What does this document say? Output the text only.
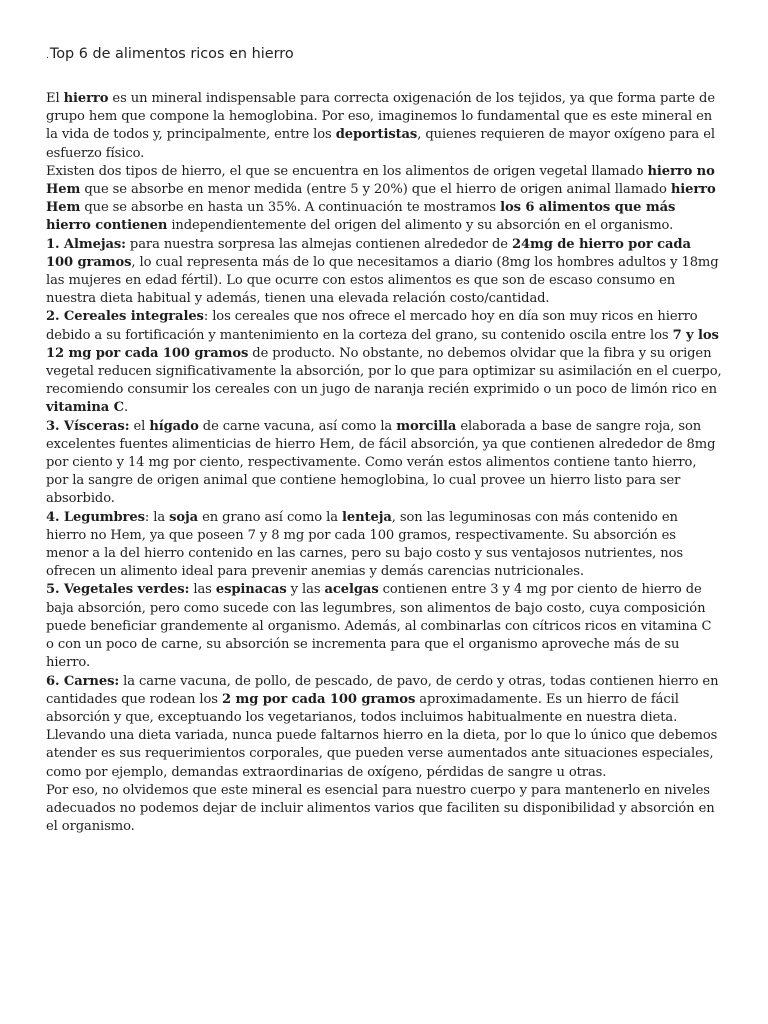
.Top 6 de alimentos ricos en hierro

El hierro es un mineral indispensable para correcta oxigenación de los tejidos, ya que forma parte de grupo hem que compone la hemoglobina. Por eso, imaginemos lo fundamental que es este mineral en la vida de todos y, principalmente, entre los deportistas, quienes requieren de mayor oxígeno para el esfuerzo físico.

Existen dos tipos de hierro, el que se encuentra en los alimentos de origen vegetal llamado hierro no Hem que se absorbe en menor medida (entre 5 y 20%) que el hierro de origen animal llamado hierro Hem que se absorbe en hasta un 35%. A continuación te mostramos los 6 alimentos que más hierro contienen independientemente del origen del alimento y su absorción en el organismo.

1. Almejas: para nuestra sorpresa las almejas contienen alrededor de 24mg de hierro por cada 100 gramos, lo cual representa más de lo que necesitamos a diario (8mg los hombres adultos y 18mg las mujeres en edad fértil). Lo que ocurre con estos alimentos es que son de escaso consumo en nuestra dieta habitual y además, tienen una elevada relación costo/cantidad.

2. Cereales integrales: los cereales que nos ofrece el mercado hoy en día son muy ricos en hierro debido a su fortificación y mantenimiento en la corteza del grano, su contenido oscila entre los 7 y los 12 mg por cada 100 gramos de producto. No obstante, no debemos olvidar que la fibra y su origen vegetal reducen significativamente la absorción, por lo que para optimizar su asimilación en el cuerpo, recomiendo consumir los cereales con un jugo de naranja recién exprimido o un poco de limón rico en vitamina C.

3. Vísceras: el hígado de carne vacuna, así como la morcilla elaborada a base de sangre roja, son excelentes fuentes alimenticias de hierro Hem, de fácil absorción, ya que contienen alrededor de 8mg por ciento y 14 mg por ciento, respectivamente. Como verán estos alimentos contiene tanto hierro, por la sangre de origen animal que contiene hemoglobina, lo cual provee un hierro listo para ser absorbido.

4. Legumbres: la soja en grano así como la lenteja, son las leguminosas con más contenido en hierro no Hem, ya que poseen 7 y 8 mg por cada 100 gramos, respectivamente. Su absorción es menor a la del hierro contenido en las carnes, pero su bajo costo y sus ventajosos nutrientes, nos ofrecen un alimento ideal para prevenir anemias y demás carencias nutricionales.

5. Vegetales verdes: las espinacas y las acelgas contienen entre 3 y 4 mg por ciento de hierro de baja absorción, pero como sucede con las legumbres, son alimentos de bajo costo, cuya composición puede beneficiar grandemente al organismo. Además, al combinarlas con cítricos ricos en vitamina C o con un poco de carne, su absorción se incrementa para que el organismo aproveche más de su hierro.

6. Carnes: la carne vacuna, de pollo, de pescado, de pavo, de cerdo y otras, todas contienen hierro en cantidades que rodean los 2 mg por cada 100 gramos aproximadamente. Es un hierro de fácil absorción y que, exceptuando los vegetarianos, todos incluimos habitualmente en nuestra dieta.

Llevando una dieta variada, nunca puede faltarnos hierro en la dieta, por lo que lo único que debemos atender es sus requerimientos corporales, que pueden verse aumentados ante situaciones especiales, como por ejemplo, demandas extraordinarias de oxígeno, pérdidas de sangre u otras.

Por eso, no olvidemos que este mineral es esencial para nuestro cuerpo y para mantenerlo en niveles adecuados no podemos dejar de incluir alimentos varios que faciliten su disponibilidad y absorción en el organismo.
